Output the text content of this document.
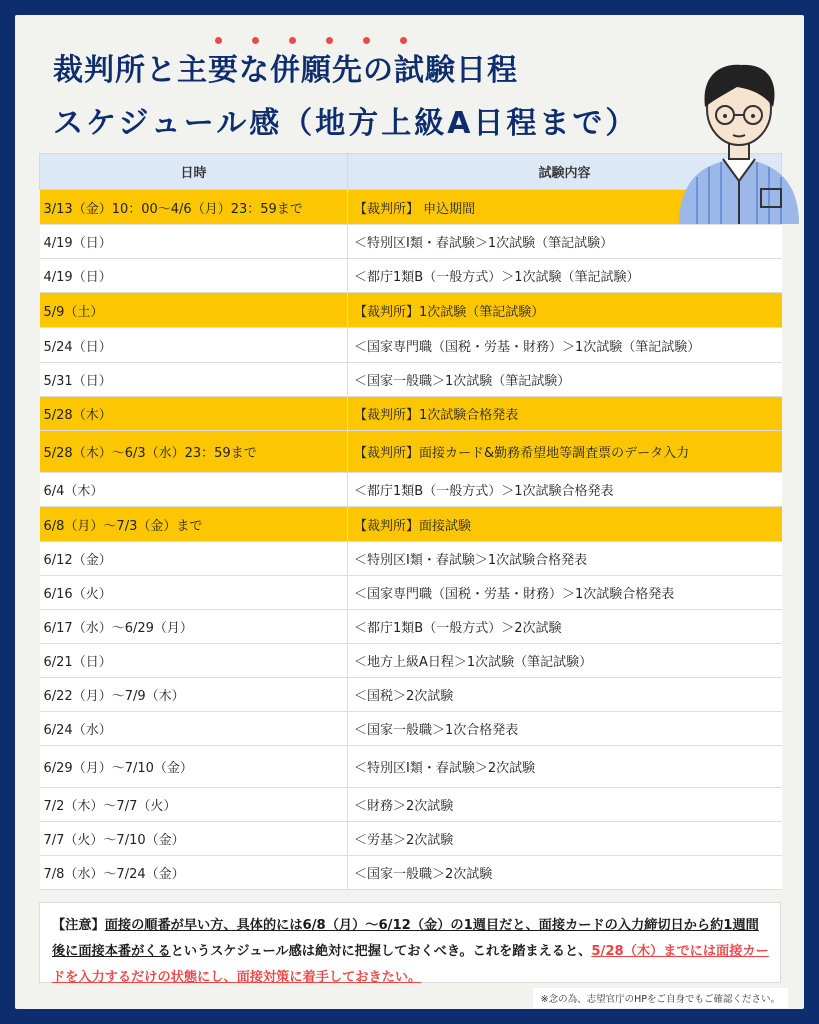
裁判所と主要な併願先の試験日程
スケジュール感（地方上級A日程まで）
日時	試験内容
3/13（金）10：00〜4/6（月）23：59まで	【裁判所】 申込期間
4/19（日）	＜特別区Ⅰ類・春試験＞1次試験（筆記試験）
4/19（日）	＜都庁1類B（一般方式）＞1次試験（筆記試験）
5/9（土）	【裁判所】1次試験（筆記試験）
5/24（日）	＜国家専門職（国税・労基・財務）＞1次試験（筆記試験）
5/31（日）	＜国家一般職＞1次試験（筆記試験）
5/28（木）	【裁判所】1次試験合格発表
5/28（木）〜6/3（水）23：59まで	【裁判所】面接カード&勤務希望地等調査票のデータ入力
6/4（木）	＜都庁1類B（一般方式）＞1次試験合格発表
6/8（月）〜7/3（金）まで	【裁判所】面接試験
6/12（金）	＜特別区Ⅰ類・春試験＞1次試験合格発表
6/16（火）	＜国家専門職（国税・労基・財務）＞1次試験合格発表
6/17（水）〜6/29（月）	＜都庁1類B（一般方式）＞2次試験
6/21（日）	＜地方上級A日程＞1次試験（筆記試験）
6/22（月）〜7/9（木）	＜国税＞2次試験
6/24（水）	＜国家一般職＞1次合格発表
6/29（月）〜7/10（金）	＜特別区Ⅰ類・春試験＞2次試験
7/2（木）〜7/7（火）	＜財務＞2次試験
7/7（火）〜7/10（金）	＜労基＞2次試験
7/8（水）〜7/24（金）	＜国家一般職＞2次試験
【注意】面接の順番が早い方、具体的には6/8（月）〜6/12（金）の1週目だと、面接カードの入力締切日から約1週間後に面接本番がくるというスケジュール感は絶対に把握しておくべき。これを踏まえると、5/28（木）までには面接カードを入力するだけの状態にし、面接対策に着手しておきたい。
※念の為、志望官庁のHPをご自身でもご確認ください。
